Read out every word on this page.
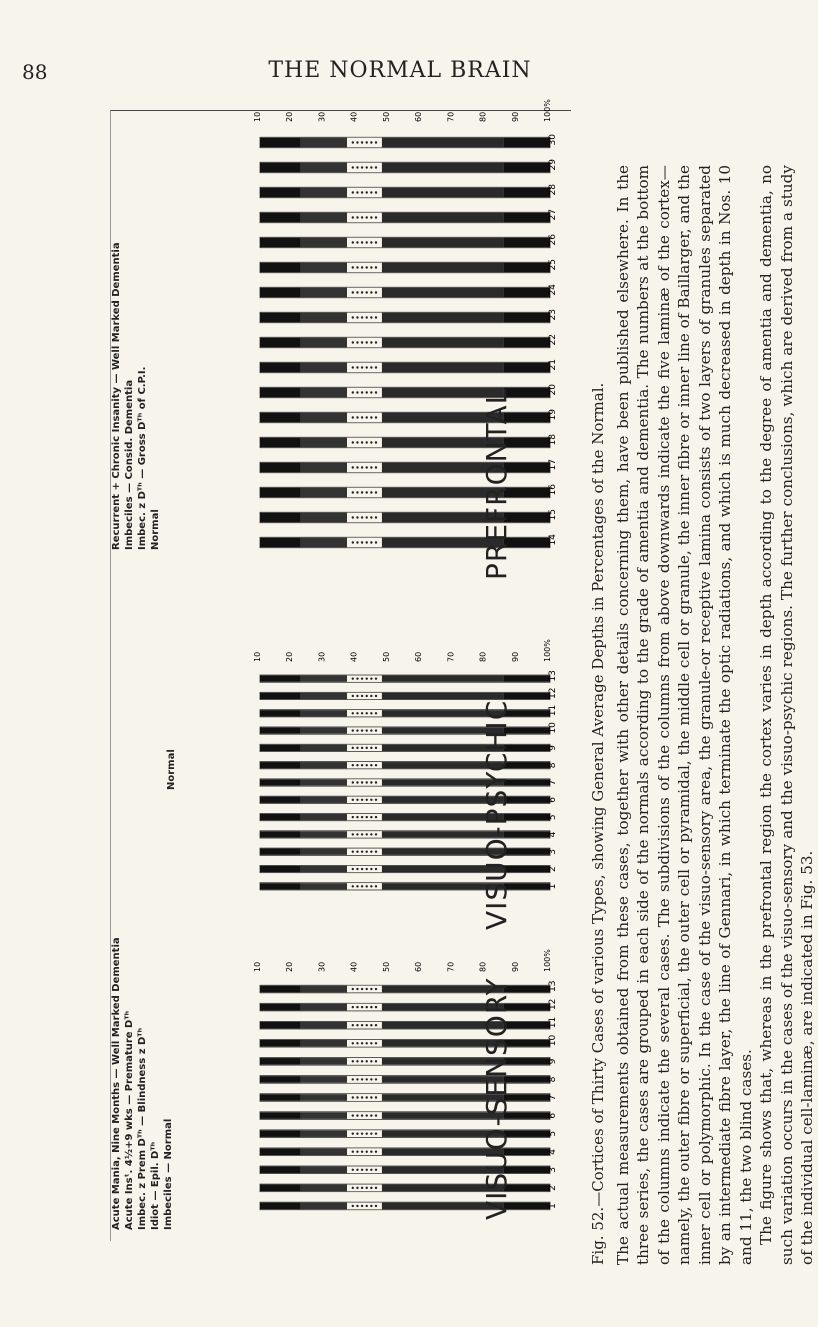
88	THE NORMAL BRAIN
100%
90
80
70
60
50
40
30
20
10
14
15
16
17
18
19
20
21
22
23
24
25
26
27
28
29
30
100%
90
80
70
60
50
40
30
20
10
1
2
3
4
5
6
7
8
9
10
11
12
13
100%
90
80
70
60
50
40
30
20
10
1
2
3
4
5
6
7
8
9
10
11
12
13
PREFRONTAL
VISUO-PSYCHIC
VISUO-SENSORY
Recurrent + Chronic Insanity — Well Marked Dementia Imbeciles — Consid. Dementia Imbec. z Dᵀʰ — Gross Dᵀʰ of C.P.I. Normal
Normal
Acute Mania, Nine Months — Well Marked Dementia Acute Insᵗ. 4½+9 wks — Premature Dᵀʰ Imbec. z Prem Dᵀʰ — Blindness z Dᵀʰ Idiot — Epil. Dᵀʰ Imbeciles — Normal	Fig. 52.—Cortices of Thirty Cases of various Types, showing General Average Depths in Percentages of the Normal. The actual measurements obtained from these cases, together with other details concerning them, have been published elsewhere. In the three series, the cases are grouped in each side of the normals according to the grade of amentia and dementia. The numbers at the bottom of the columns indicate the several cases. The subdivisions of the columns from above downwards indicate the five laminæ of the cortex—namely, the outer fibre or superficial, the outer cell or pyramidal, the middle cell or granule, the inner fibre or inner line of Baillarger, and the inner cell or polymorphic. In the case of the visuo-sensory area, the granule-or receptive lamina consists of two layers of granules separated by an intermediate fibre layer, the line of Gennari, in which terminate the optic radiations, and which is much decreased in depth in Nos. 10 and 11, the two blind cases. The figure shows that, whereas in the prefrontal region the cortex varies in depth according to the degree of amentia and dementia, no such variation occurs in the cases of the visuo-sensory and the visuo-psychic regions. The further conclusions, which are derived from a study of the individual cell-laminæ, are indicated in Fig. 53.
